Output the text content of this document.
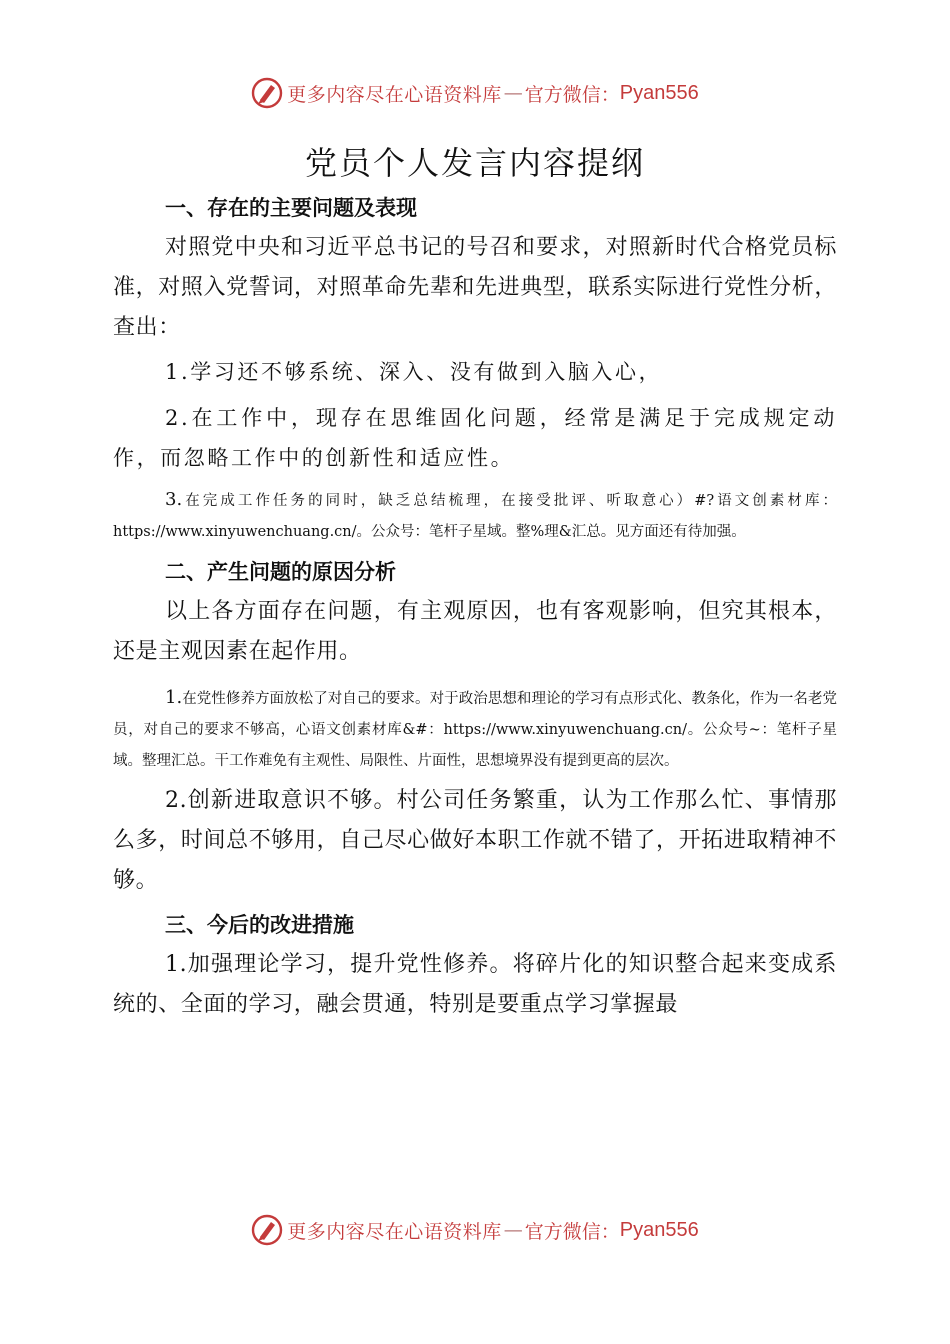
更多内容尽在心语资料库 — 官方微信： Pyan556
党员个人发言内容提纲
一、存在的主要问题及表现

对照党中央和习近平总书记的号召和要求，对照新时代合格党员标准，对照入党誓词，对照革命先辈和先进典型，联系实际进行党性分析，查出：

1.学习还不够系统、深入、没有做到入脑入心，

2.在工作中，现存在思维固化问题，经常是满足于完成规定动作，而忽略工作中的创新性和适应性。

3.在完成工作任务的同时，缺乏总结梳理，在接受批评、听取意心）#?语文创素材库：https://www.xinyuwenchuang.cn/。公众号：笔杆子星域。整%理&汇总。见方面还有待加强。

二、产生问题的原因分析

以上各方面存在问题，有主观原因，也有客观影响，但究其根本，还是主观因素在起作用。

1.在党性修养方面放松了对自己的要求。对于政治思想和理论的学习有点形式化、教条化，作为一名老党员，对自己的要求不够高，心语文创素材库&#：https://www.xinyuwenchuang.cn/。公众号~：笔杆子星域。整理汇总。干工作难免有主观性、局限性、片面性，思想境界没有提到更高的层次。

2.创新进取意识不够。村公司任务繁重，认为工作那么忙、事情那么多，时间总不够用，自己尽心做好本职工作就不错了，开拓进取精神不够。

三、今后的改进措施

1.加强理论学习，提升党性修养。将碎片化的知识整合起来变成系统的、全面的学习，融会贯通，特别是要重点学习掌握最

更多内容尽在心语资料库 — 官方微信： Pyan556
